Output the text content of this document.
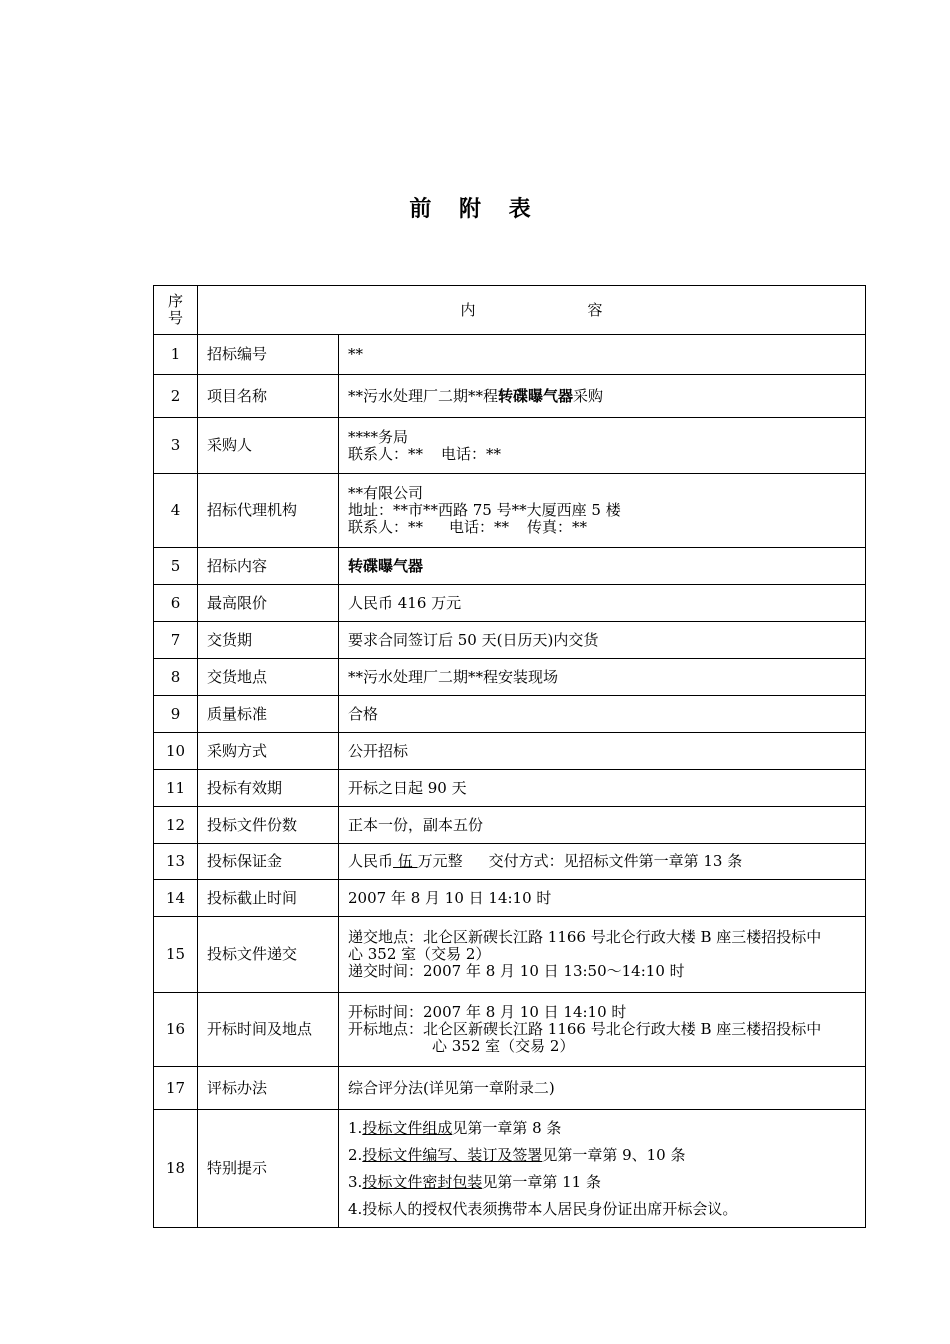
前 附 表
序号	内 容	
1	招标编号	**
2	项目名称	**污水处理厂二期**程转碟曝气器采购
3	采购人	****务局
联系人：** 电话：**

4	招标代理机构	**有限公司
地址：**市**西路 75 号**大厦西座 5 楼
联系人：** 电话：** 传真：**

5	招标内容	转碟曝气器
6	最高限价	人民币 416 万元
7	交货期	要求合同签订后 50 天(日历天)内交货
8	交货地点	**污水处理厂二期**程安装现场
9	质量标准	合格
10	采购方式	公开招标
11	投标有效期	开标之日起 90 天
12	投标文件份数	正本一份，副本五份
13	投标保证金	人民币 伍 万元整 交付方式：见招标文件第一章第 13 条
14	投标截止时间	2007 年 8 月 10 日 14:10 时
15	投标文件递交	递交地点：北仑区新碶长江路 1166 号北仑行政大楼 B 座三楼招投标中
心 352 室（交易 2）
递交时间：2007 年 8 月 10 日 13:50～14:10 时

16	开标时间及地点	开标时间：2007 年 8 月 10 日 14:10 时
开标地点：北仑区新碶长江路 1166 号北仑行政大楼 B 座三楼招投标中
心 352 室（交易 2）

17	评标办法	综合评分法(详见第一章附录二)
18	特别提示	1.投标文件组成见第一章第 8 条
2.投标文件编写、装订及签署见第一章第 9、10 条
3.投标文件密封包装见第一章第 11 条
4.投标人的授权代表须携带本人居民身份证出席开标会议。
